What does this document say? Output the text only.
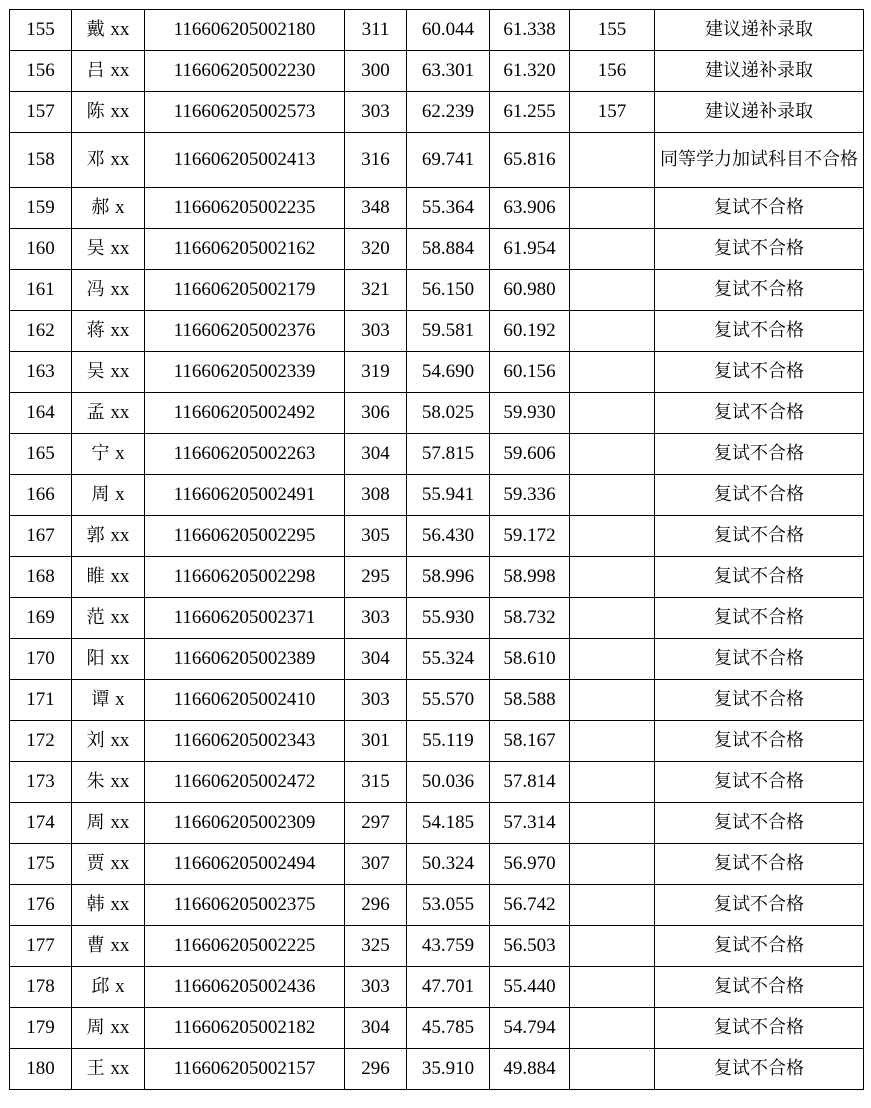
155	戴 xx	116606205002180	311	60.044	61.338	155	建议递补录取
156	吕 xx	116606205002230	300	63.301	61.320	156	建议递补录取
157	陈 xx	116606205002573	303	62.239	61.255	157	建议递补录取
158	邓 xx	116606205002413	316	69.741	65.816		同等学力加试科目不合格
159	郝 x	116606205002235	348	55.364	63.906		复试不合格
160	吴 xx	116606205002162	320	58.884	61.954		复试不合格
161	冯 xx	116606205002179	321	56.150	60.980		复试不合格
162	蒋 xx	116606205002376	303	59.581	60.192		复试不合格
163	吴 xx	116606205002339	319	54.690	60.156		复试不合格
164	孟 xx	116606205002492	306	58.025	59.930		复试不合格
165	宁 x	116606205002263	304	57.815	59.606		复试不合格
166	周 x	116606205002491	308	55.941	59.336		复试不合格
167	郭 xx	116606205002295	305	56.430	59.172		复试不合格
168	睢 xx	116606205002298	295	58.996	58.998		复试不合格
169	范 xx	116606205002371	303	55.930	58.732		复试不合格
170	阳 xx	116606205002389	304	55.324	58.610		复试不合格
171	谭 x	116606205002410	303	55.570	58.588		复试不合格
172	刘 xx	116606205002343	301	55.119	58.167		复试不合格
173	朱 xx	116606205002472	315	50.036	57.814		复试不合格
174	周 xx	116606205002309	297	54.185	57.314		复试不合格
175	贾 xx	116606205002494	307	50.324	56.970		复试不合格
176	韩 xx	116606205002375	296	53.055	56.742		复试不合格
177	曹 xx	116606205002225	325	43.759	56.503		复试不合格
178	邱 x	116606205002436	303	47.701	55.440		复试不合格
179	周 xx	116606205002182	304	45.785	54.794		复试不合格
180	王 xx	116606205002157	296	35.910	49.884		复试不合格
